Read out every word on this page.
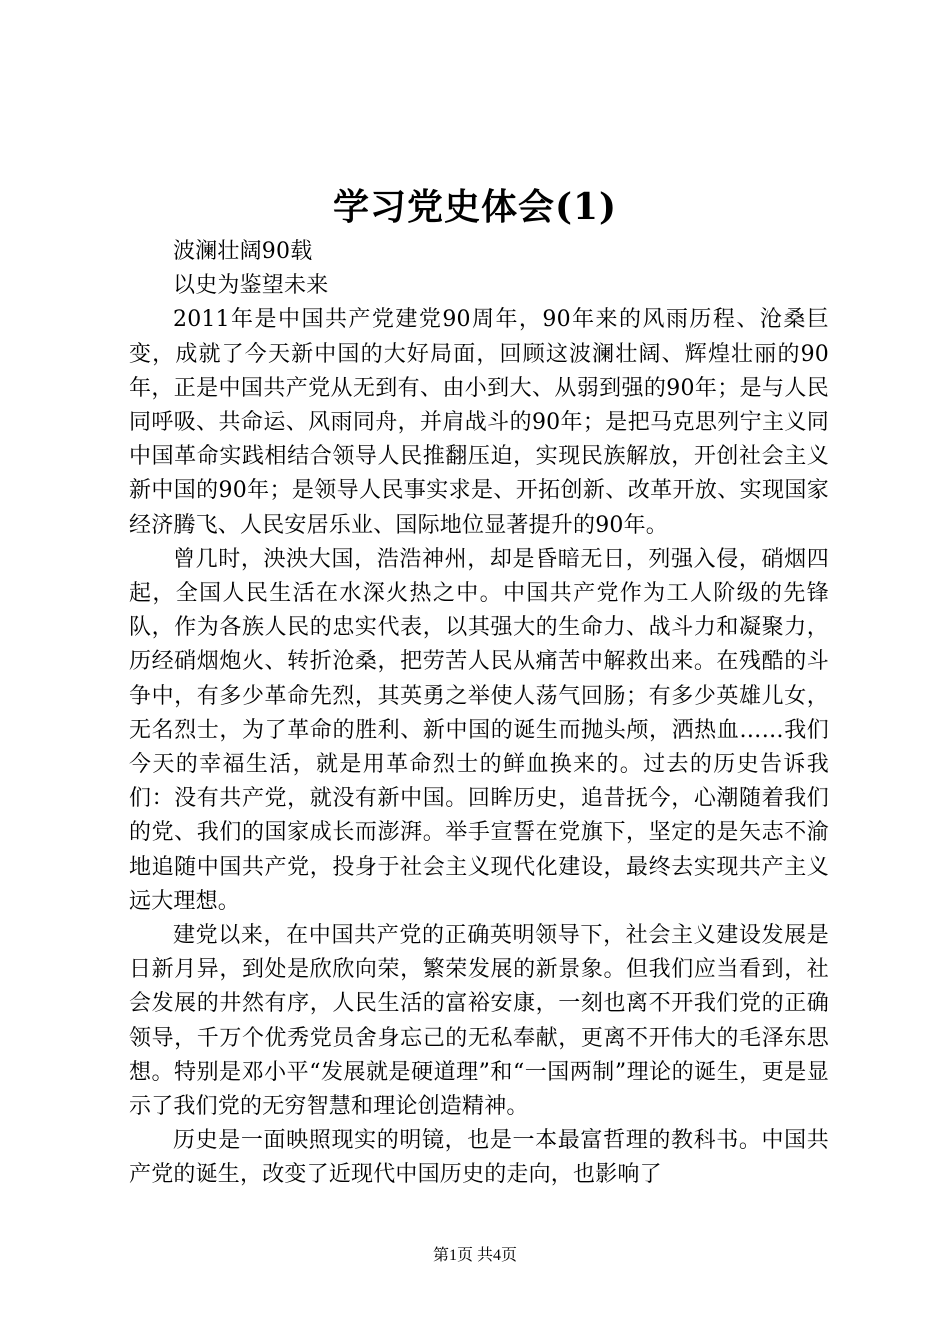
学习党史体会(1)

波澜壮阔90载

以史为鉴望未来

2011年是中国共产党建党90周年，90年来的风雨历程、沧桑巨变，成就了今天新中国的大好局面，回顾这波澜壮阔、辉煌壮丽的90年，正是中国共产党从无到有、由小到大、从弱到强的90年；是与人民同呼吸、共命运、风雨同舟，并肩战斗的90年；是把马克思列宁主义同中国革命实践相结合领导人民推翻压迫，实现民族解放，开创社会主义新中国的90年；是领导人民事实求是、开拓创新、改革开放、实现国家经济腾飞、人民安居乐业、国际地位显著提升的90年。

曾几时，泱泱大国，浩浩神州，却是昏暗无日，列强入侵，硝烟四起，全国人民生活在水深火热之中。中国共产党作为工人阶级的先锋队，作为各族人民的忠实代表，以其强大的生命力、战斗力和凝聚力，历经硝烟炮火、转折沧桑，把劳苦人民从痛苦中解救出来。在残酷的斗争中，有多少革命先烈，其英勇之举使人荡气回肠；有多少英雄儿女，无名烈士，为了革命的胜利、新中国的诞生而抛头颅，洒热血……我们今天的幸福生活，就是用革命烈士的鲜血换来的。过去的历史告诉我们：没有共产党，就没有新中国。回眸历史，追昔抚今，心潮随着我们的党、我们的国家成长而澎湃。举手宣誓在党旗下，坚定的是矢志不渝地追随中国共产党，投身于社会主义现代化建设，最终去实现共产主义远大理想。

建党以来，在中国共产党的正确英明领导下，社会主义建设发展是日新月异，到处是欣欣向荣，繁荣发展的新景象。但我们应当看到，社会发展的井然有序，人民生活的富裕安康，一刻也离不开我们党的正确领导，千万个优秀党员舍身忘己的无私奉献，更离不开伟大的毛泽东思想。特别是邓小平“发展就是硬道理”和“一国两制”理论的诞生，更是显示了我们党的无穷智慧和理论创造精神。

历史是一面映照现实的明镜，也是一本最富哲理的教科书。中国共产党的诞生，改变了近现代中国历史的走向，也影响了

第1页 共4页
